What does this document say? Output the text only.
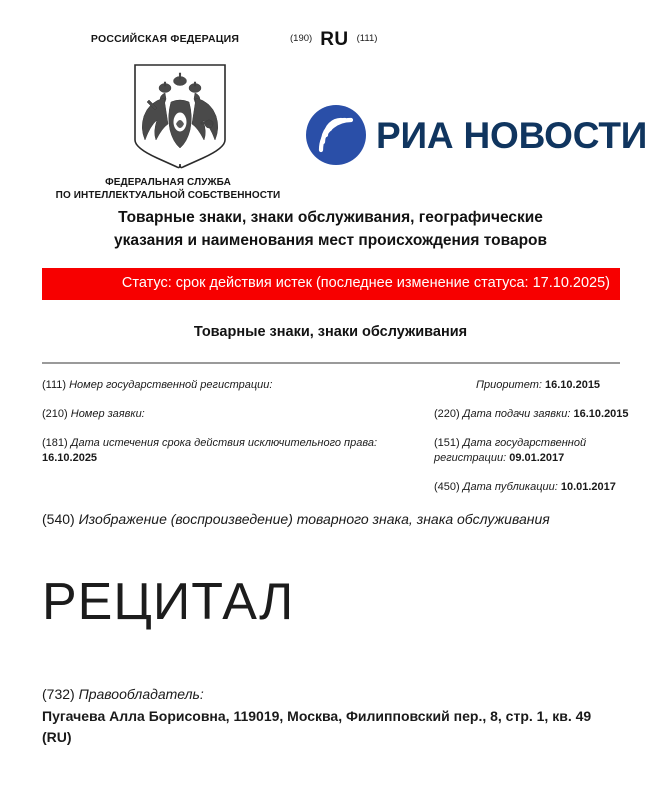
РОССИЙСКАЯ ФЕДЕРАЦИЯ	(190) RU (111)
ФЕДЕРАЛЬНАЯ СЛУЖБА
ПО ИНТЕЛЛЕКТУАЛЬНОЙ СОБСТВЕННОСТИ
РИА НОВОСТИ
Товарные знаки, знаки обслуживания, географические
указания и наименования мест происхождения товаров
Статус: срок действия истек (последнее изменение статуса: 17.10.2025)
Товарные знаки, знаки обслуживания
(111) Номер государственной регистрации:	Приоритет: 16.10.2015
(210) Номер заявки:	(220) Дата подачи заявки: 16.10.2015
(181) Дата истечения срока действия исключительного права: 16.10.2025
(151) Дата государственной регистрации: 09.01.2017
(450) Дата публикации: 10.01.2017
(540) Изображение (воспроизведение) товарного знака, знака обслуживания
РЕЦИТАЛ
(732) Правообладатель:
Пугачева Алла Борисовна, 119019, Москва, Филипповский пер., 8, стр. 1, кв. 49 (RU)
